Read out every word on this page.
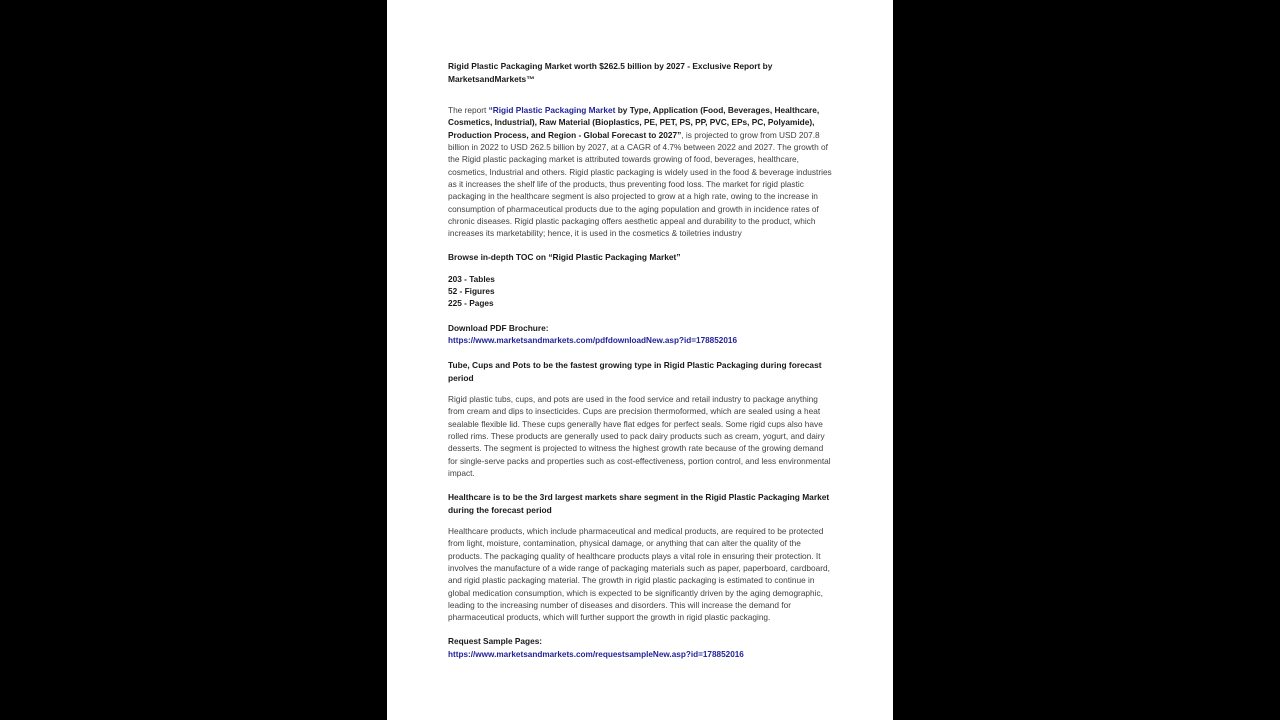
Rigid Plastic Packaging Market worth $262.5 billion by 2027 - Exclusive Report by MarketsandMarkets™

The report “Rigid Plastic Packaging Market by Type, Application (Food, Beverages, Healthcare, Cosmetics, Industrial), Raw Material (Bioplastics, PE, PET, PS, PP, PVC, EPs, PC, Polyamide), Production Process, and Region - Global Forecast to 2027”, is projected to grow from USD 207.8 billion in 2022 to USD 262.5 billion by 2027, at a CAGR of 4.7% between 2022 and 2027. The growth of the Rigid plastic packaging market is attributed towards growing of food, beverages, healthcare, cosmetics, Industrial and others. Rigid plastic packaging is widely used in the food & beverage industries as it increases the shelf life of the products, thus preventing food loss. The market for rigid plastic packaging in the healthcare segment is also projected to grow at a high rate, owing to the increase in consumption of pharmaceutical products due to the aging population and growth in incidence rates of chronic diseases. Rigid plastic packaging offers aesthetic appeal and durability to the product, which increases its marketability; hence, it is used in the cosmetics & toiletries industry

Browse in-depth TOC on “Rigid Plastic Packaging Market”

203 - Tables

52 - Figures

225 - Pages

Download PDF Brochure:

https://www.marketsandmarkets.com/pdfdownloadNew.asp?id=178852016

Tube, Cups and Pots to be the fastest growing type in Rigid Plastic Packaging during forecast period

Rigid plastic tubs, cups, and pots are used in the food service and retail industry to package anything from cream and dips to insecticides. Cups are precision thermoformed, which are sealed using a heat sealable flexible lid. These cups generally have flat edges for perfect seals. Some rigid cups also have rolled rims. These products are generally used to pack dairy products such as cream, yogurt, and dairy desserts. The segment is projected to witness the highest growth rate because of the growing demand for single-serve packs and properties such as cost-effectiveness, portion control, and less environmental impact.

Healthcare is to be the 3rd largest markets share segment in the Rigid Plastic Packaging Market during the forecast period

Healthcare products, which include pharmaceutical and medical products, are required to be protected from light, moisture, contamination, physical damage, or anything that can alter the quality of the products. The packaging quality of healthcare products plays a vital role in ensuring their protection. It involves the manufacture of a wide range of packaging materials such as paper, paperboard, cardboard, and rigid plastic packaging material. The growth in rigid plastic packaging is estimated to continue in global medication consumption, which is expected to be significantly driven by the aging demographic, leading to the increasing number of diseases and disorders. This will increase the demand for pharmaceutical products, which will further support the growth in rigid plastic packaging.

Request Sample Pages:

https://www.marketsandmarkets.com/requestsampleNew.asp?id=178852016
